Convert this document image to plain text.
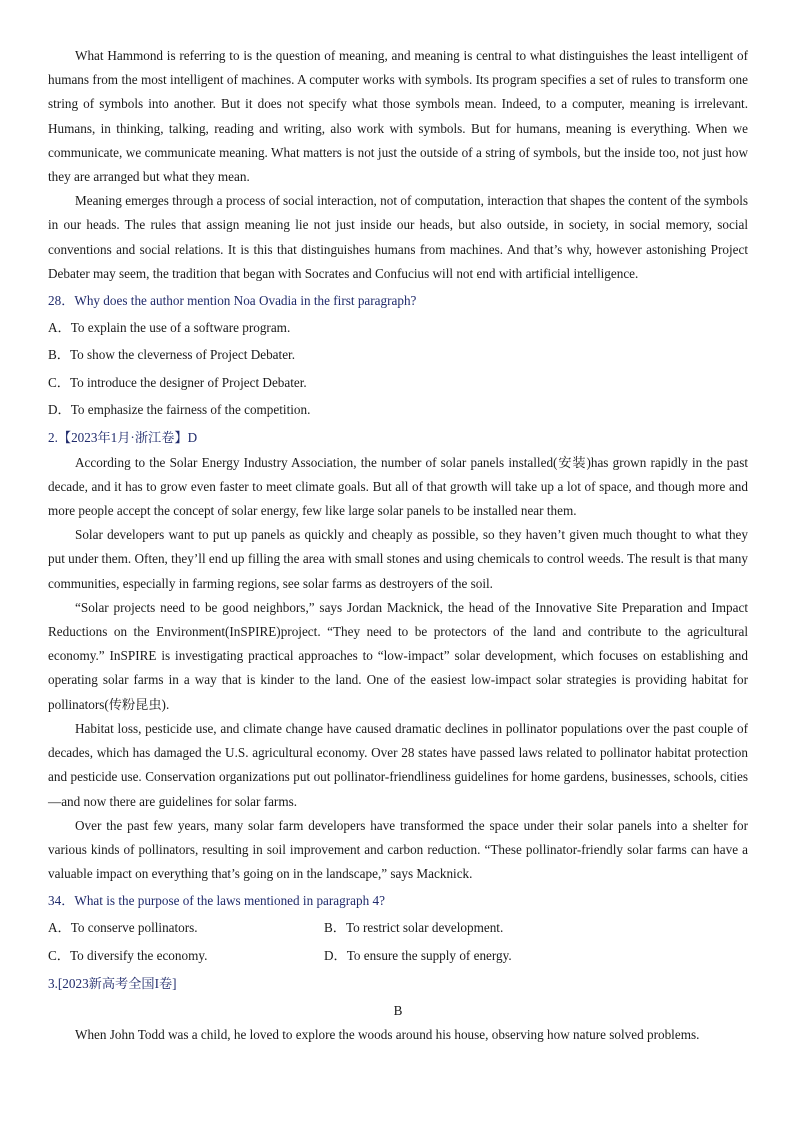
What Hammond is referring to is the question of meaning, and meaning is central to what distinguishes the least intelligent of humans from the most intelligent of machines. A computer works with symbols. Its program specifies a set of rules to transform one string of symbols into another. But it does not specify what those symbols mean. Indeed, to a computer, meaning is irrelevant. Humans, in thinking, talking, reading and writing, also work with symbols. But for humans, meaning is everything. When we communicate, we communicate meaning. What matters is not just the outside of a string of symbols, but the inside too, not just how they are arranged but what they mean.

Meaning emerges through a process of social interaction, not of computation, interaction that shapes the content of the symbols in our heads. The rules that assign meaning lie not just inside our heads, but also outside, in society, in social memory, social conventions and social relations. It is this that distinguishes humans from machines. And that’s why, however astonishing Project Debater may seem, the tradition that began with Socrates and Confucius will not end with artificial intelligence.

28．Why does the author mention Noa Ovadia in the first paragraph?

A．To explain the use of a software program.

B．To show the cleverness of Project Debater.

C．To introduce the designer of Project Debater.

D．To emphasize the fairness of the competition.

2.【2023年1月·浙江卷】D

According to the Solar Energy Industry Association, the number of solar panels installed(安装)has grown rapidly in the past decade, and it has to grow even faster to meet climate goals. But all of that growth will take up a lot of space, and though more and more people accept the concept of solar energy, few like large solar panels to be installed near them.

Solar developers want to put up panels as quickly and cheaply as possible, so they haven’t given much thought to what they put under them. Often, they’ll end up filling the area with small stones and using chemicals to control weeds. The result is that many communities, especially in farming regions, see solar farms as destroyers of the soil.

“Solar projects need to be good neighbors,” says Jordan Macknick, the head of the Innovative Site Preparation and Impact Reductions on the Environment(InSPIRE)project. “They need to be protectors of the land and contribute to the agricultural economy.” InSPIRE is investigating practical approaches to “low-impact” solar development, which focuses on establishing and operating solar farms in a way that is kinder to the land. One of the easiest low-impact solar strategies is providing habitat for pollinators(传粉昆虫).

Habitat loss, pesticide use, and climate change have caused dramatic declines in pollinator populations over the past couple of decades, which has damaged the U.S. agricultural economy. Over 28 states have passed laws related to pollinator habitat protection and pesticide use. Conservation organizations put out pollinator-friendliness guidelines for home gardens, businesses, schools, cities—and now there are guidelines for solar farms.

Over the past few years, many solar farm developers have transformed the space under their solar panels into a shelter for various kinds of pollinators, resulting in soil improvement and carbon reduction. “These pollinator-friendly solar farms can have a valuable impact on everything that’s going on in the landscape,” says Macknick.

34．What is the purpose of the laws mentioned in paragraph 4?

A．To conserve pollinators.	B．To restrict solar development.
C．To diversify the economy.	D．To ensure the supply of energy.

3.[2023新高考全国I卷]

B

When John Todd was a child, he loved to explore the woods around his house, observing how nature solved problems.
